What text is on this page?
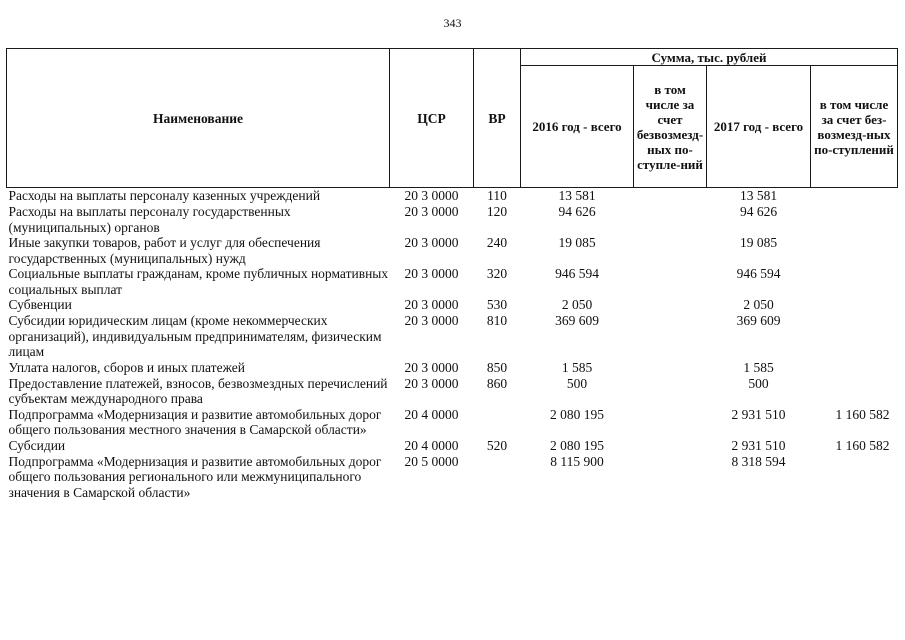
343
Наименование	ЦСР	ВР	Сумма, тыс. рублей			
			2016 год - всего	в том числе за счет безвозмезд-ных по-ступле-ний	2017 год - всего	в том числе за счет без-возмезд-ных по-ступлений
Расходы на выплаты персоналу казенных учреждений	20 3 0000	110	13 581		13 581	
Расходы на выплаты персоналу государственных (муниципальных) органов	20 3 0000	120	94 626		94 626	
Иные закупки товаров, работ и услуг для обеспечения государственных (муниципальных) нужд	20 3 0000	240	19 085		19 085	
Социальные выплаты гражданам, кроме публичных нормативных социальных выплат	20 3 0000	320	946 594		946 594	
Субвенции	20 3 0000	530	2 050		2 050	
Субсидии юридическим лицам (кроме некоммерческих организаций), индивидуальным предпринимателям, физическим лицам	20 3 0000	810	369 609		369 609	
Уплата налогов, сборов и иных платежей	20 3 0000	850	1 585		1 585	
Предоставление платежей, взносов, безвозмездных перечислений субъектам международного права	20 3 0000	860	500		500	
Подпрограмма «Модернизация и развитие автомобильных дорог общего пользования местного значения в Самарской области»	20 4 0000		2 080 195		2 931 510	1 160 582
Субсидии	20 4 0000	520	2 080 195		2 931 510	1 160 582
Подпрограмма «Модернизация и развитие автомобильных дорог общего пользования регионального или межмуниципального значения в Самарской области»	20 5 0000		8 115 900		8 318 594	
